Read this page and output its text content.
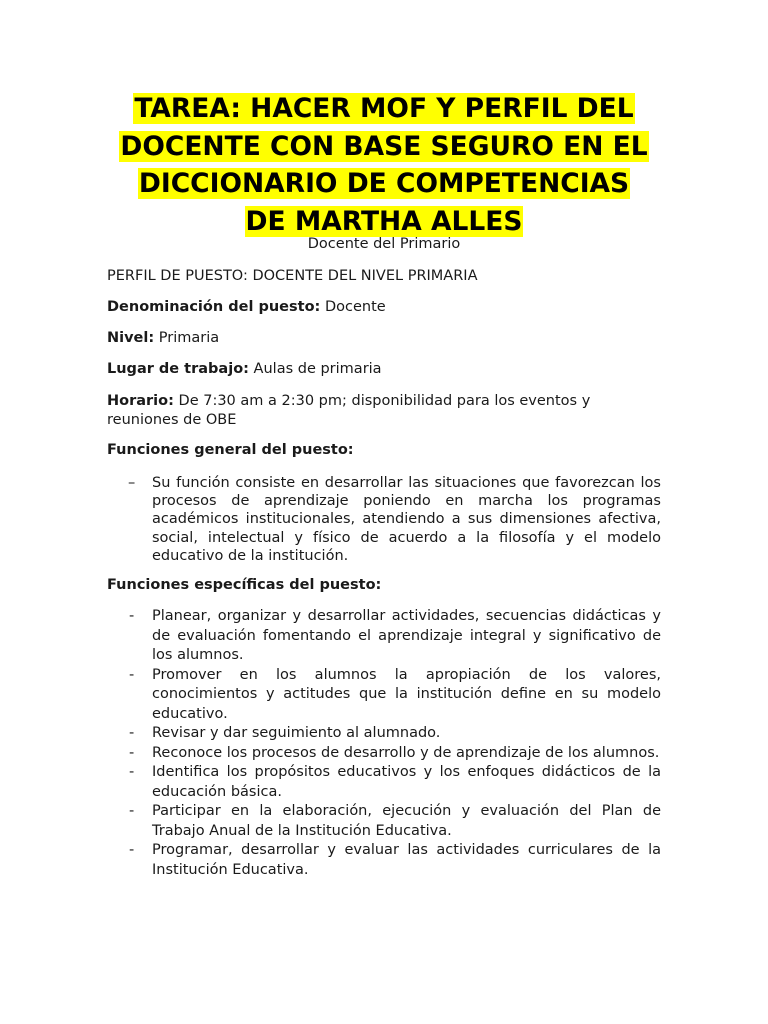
TAREA: HACER MOF Y PERFIL DEL
DOCENTE CON BASE SEGURO EN EL
DICCIONARIO DE COMPETENCIAS
DE MARTHA ALLES

Docente del Primario

PERFIL DE PUESTO: DOCENTE DEL NIVEL PRIMARIA

Denominación del puesto: Docente

Nivel: Primaria

Lugar de trabajo: Aulas de primaria

Horario: De 7:30 am a 2:30 pm; disponibilidad para los eventos y reuniones de OBE

Funciones general del puesto:

– Su función consiste en desarrollar las situaciones que favorezcan los procesos de aprendizaje poniendo en marcha los programas académicos institucionales, atendiendo a sus dimensiones afectiva, social, intelectual y físico de acuerdo a la filosofía y el modelo educativo de la institución.

Funciones específicas del puesto:

- Planear, organizar y desarrollar actividades, secuencias didácticas y de evaluación fomentando el aprendizaje integral y significativo de los alumnos.
- Promover en los alumnos la apropiación de los valores, conocimientos y actitudes que la institución define en su modelo educativo.
- Revisar y dar seguimiento al alumnado.
- Reconoce los procesos de desarrollo y de aprendizaje de los alumnos.
- Identifica los propósitos educativos y los enfoques didácticos de la educación básica.
- Participar en la elaboración, ejecución y evaluación del Plan de Trabajo Anual de la Institución Educativa.
- Programar, desarrollar y evaluar las actividades curriculares de la Institución Educativa.
